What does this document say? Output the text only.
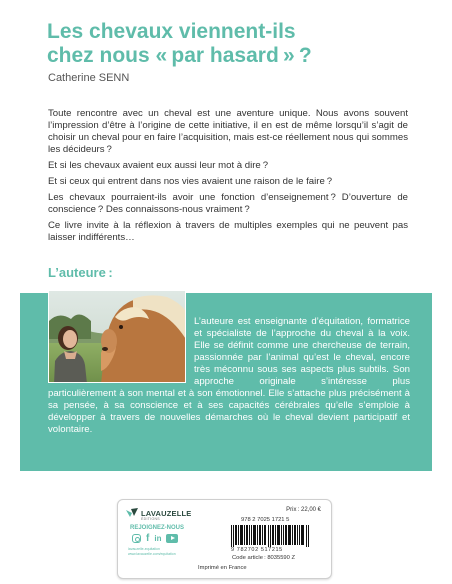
Les chevaux viennent-ils
chez nous « par hasard » ?
Catherine SENN

Toute rencontre avec un cheval est une aventure unique. Nous avons souvent l’impression d’être à l’origine de cette initiative, il en est de même lorsqu’il s’agit de choisir un cheval pour en faire l’acquisition, mais est-ce réellement nous qui sommes les décideurs ?

Et si les chevaux avaient eux aussi leur mot à dire ?

Et si ceux qui entrent dans nos vies avaient une raison de le faire ?

Les chevaux pourraient-ils avoir une fonction d’enseignement ? D’ouverture de conscience ? Des connaissons-nous vraiment ?

Ce livre invite à la réflexion à travers de multiples exemples qui ne peuvent pas laisser indifférents…

L’auteure :
L’auteure est enseignante d’équitation, formatrice et spécialiste de l’approche du cheval à la voix. Elle se définit comme une chercheuse de terrain, passionnée par l’animal qu’est le cheval, encore très méconnu sous ses aspects plus subtils. Son approche originale s’intéresse plus particulièrement à son mental et à son émotionnel. Elle s’attache plus précisément à sa pensée, à sa conscience et à ses capacités cérébrales qu’elle s’emploie à développer à travers de nouvelles démarches où le cheval devient participatif et volontaire.
LAVAUZELLE
ÉDITIONS
REJOIGNEZ-NOUS
f in
lavauzelle-equitation
www.lavauzelle.com/equitation
Prix : 22,00 €
978 2 7025 1721 5
9 782702 517215
Code article : 8035590 Z
Imprimé en France
